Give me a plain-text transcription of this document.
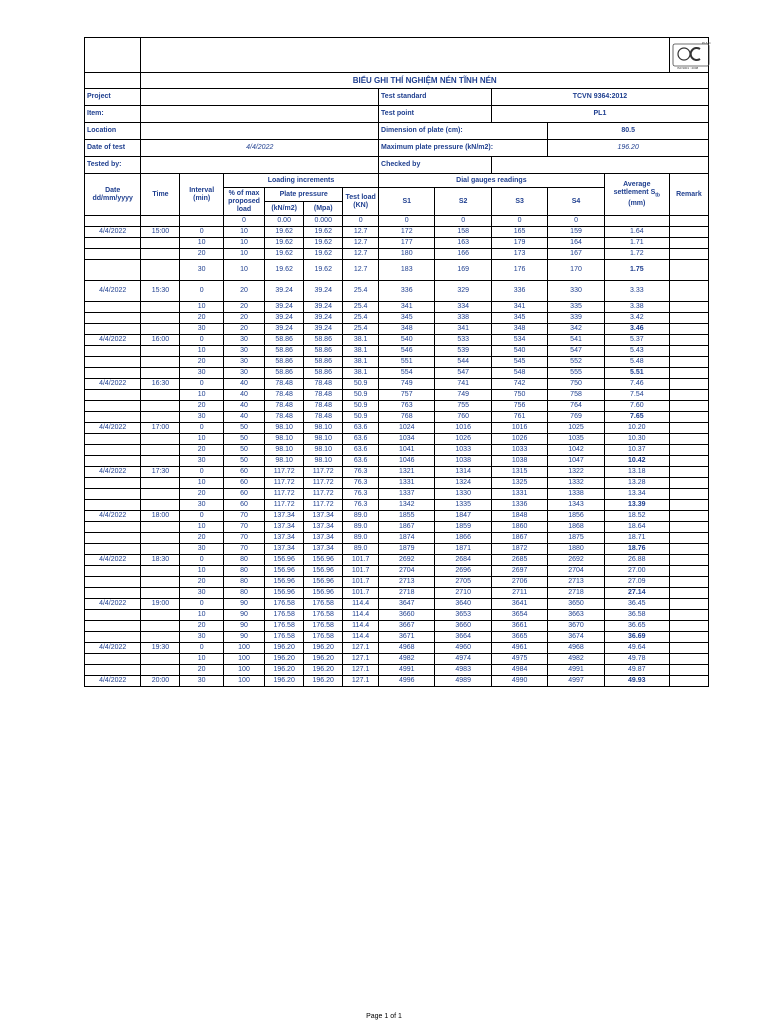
PL/HC
IS0 9001 : 2008

	BIỂU GHI THÍ NGHIỆM NÉN TĨNH NÉN											
Project							Test standard		TCVN 9364:2012			
Item:							Test point		PL1			
Location							Dimension of plate (cm):			80.5		
Date of test	4/4/2022						Maximum plate pressure (kN/m2):			196.20		
Tested by:							Checked by					
Date dd/mm/yyyy	Time	Interval (min)	Loading increments				Dial gauges readings				Average settlement $S_{tb}$ (mm)	Remark
			% of max proposed load	Plate pressure		Test load (KN)	S1	S2	S3	S4		
				(kN/m2)	(Mpa)							
			0	0.00	0.000	0	0	0	0	0		
4/4/2022	15:00	0	10	19.62	19.62	12.7	172	158	165	159	1.64	
		10	10	19.62	19.62	12.7	177	163	179	164	1.71	
		20	10	19.62	19.62	12.7	180	166	173	167	1.72	
		30	10	19.62	19.62	12.7	183	169	176	170	1.75	
4/4/2022	15:30	0	20	39.24	39.24	25.4	336	329	336	330	3.33	
		10	20	39.24	39.24	25.4	341	334	341	335	3.38	
		20	20	39.24	39.24	25.4	345	338	345	339	3.42	
		30	20	39.24	39.24	25.4	348	341	348	342	3.46	
4/4/2022	16:00	0	30	58.86	58.86	38.1	540	533	534	541	5.37	
		10	30	58.86	58.86	38.1	546	539	540	547	5.43	
		20	30	58.86	58.86	38.1	551	544	545	552	5.48	
		30	30	58.86	58.86	38.1	554	547	548	555	5.51	
4/4/2022	16:30	0	40	78.48	78.48	50.9	749	741	742	750	7.46	
		10	40	78.48	78.48	50.9	757	749	750	758	7.54	
		20	40	78.48	78.48	50.9	763	755	756	764	7.60	
		30	40	78.48	78.48	50.9	768	760	761	769	7.65	
4/4/2022	17:00	0	50	98.10	98.10	63.6	1024	1016	1016	1025	10.20	
		10	50	98.10	98.10	63.6	1034	1026	1026	1035	10.30	
		20	50	98.10	98.10	63.6	1041	1033	1033	1042	10.37	
		30	50	98.10	98.10	63.6	1046	1038	1038	1047	10.42	
4/4/2022	17:30	0	60	117.72	117.72	76.3	1321	1314	1315	1322	13.18	
		10	60	117.72	117.72	76.3	1331	1324	1325	1332	13.28	
		20	60	117.72	117.72	76.3	1337	1330	1331	1338	13.34	
		30	60	117.72	117.72	76.3	1342	1335	1336	1343	13.39	
4/4/2022	18:00	0	70	137.34	137.34	89.0	1855	1847	1848	1856	18.52	
		10	70	137.34	137.34	89.0	1867	1859	1860	1868	18.64	
		20	70	137.34	137.34	89.0	1874	1866	1867	1875	18.71	
		30	70	137.34	137.34	89.0	1879	1871	1872	1880	18.76	
4/4/2022	18:30	0	80	156.96	156.96	101.7	2692	2684	2685	2692	26.88	
		10	80	156.96	156.96	101.7	2704	2696	2697	2704	27.00	
		20	80	156.96	156.96	101.7	2713	2705	2706	2713	27.09	
		30	80	156.96	156.96	101.7	2718	2710	2711	2718	27.14	
4/4/2022	19:00	0	90	176.58	176.58	114.4	3647	3640	3641	3650	36.45	
		10	90	176.58	176.58	114.4	3660	3653	3654	3663	36.58	
		20	90	176.58	176.58	114.4	3667	3660	3661	3670	36.65	
		30	90	176.58	176.58	114.4	3671	3664	3665	3674	36.69	
4/4/2022	19:30	0	100	196.20	196.20	127.1	4968	4960	4961	4968	49.64	
		10	100	196.20	196.20	127.1	4982	4974	4975	4982	49.78	
		20	100	196.20	196.20	127.1	4991	4983	4984	4991	49.87	
4/4/2022	20:00	30	100	196.20	196.20	127.1	4996	4989	4990	4997	49.93	
Page 1 of 1
